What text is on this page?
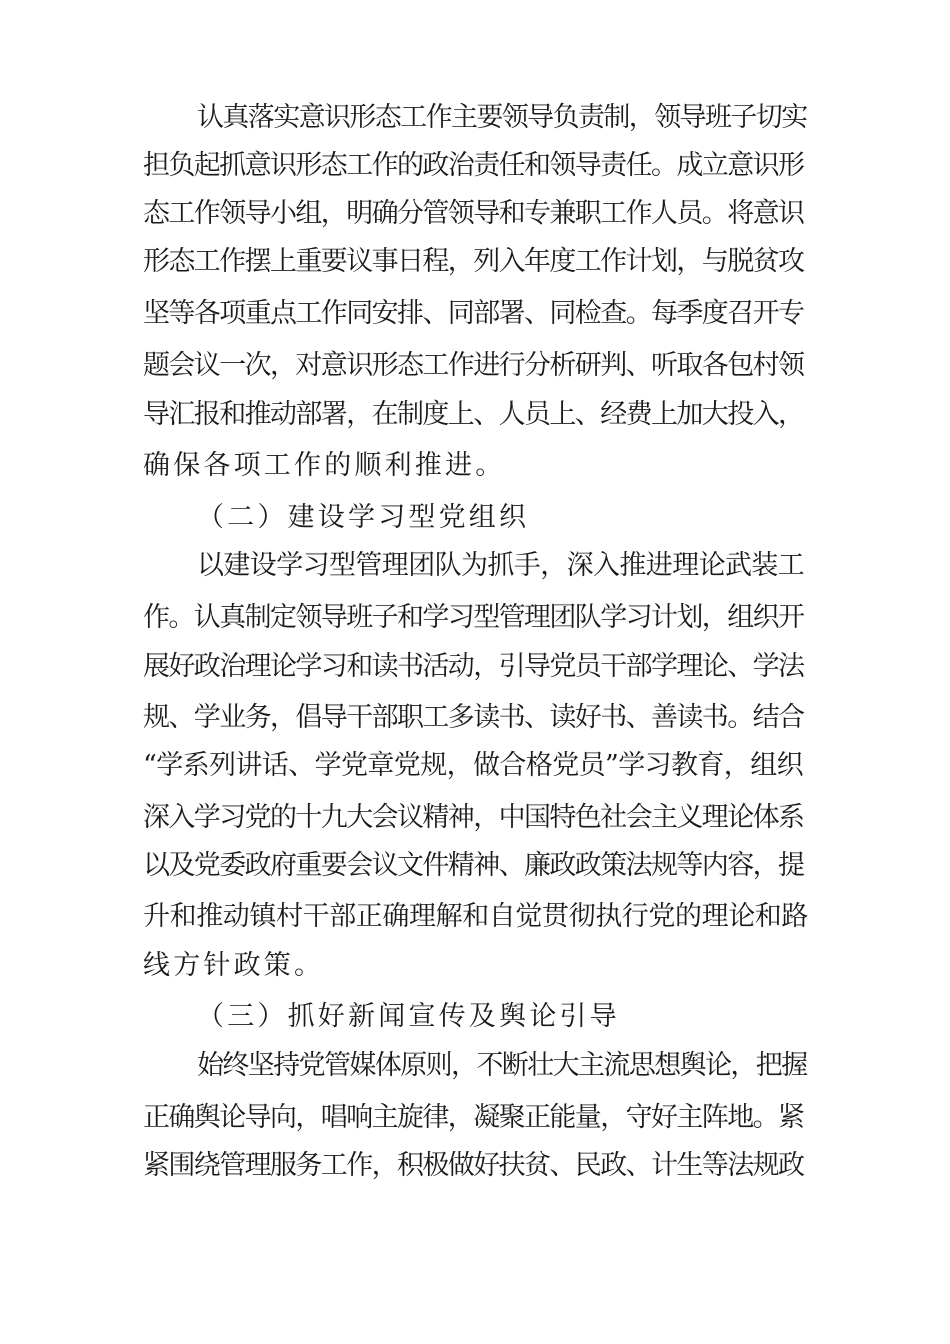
认真落实意识形态工作主要领导负责制，领导班子切实
担负起抓意识形态工作的政治责任和领导责任。成立意识形
态工作领导小组，明确分管领导和专兼职工作人员。将意识
形态工作摆上重要议事日程，列入年度工作计划，与脱贫攻
坚等各项重点工作同安排、同部署、同检查。每季度召开专
题会议一次，对意识形态工作进行分析研判、听取各包村领
导汇报和推动部署，在制度上、人员上、经费上加大投入，
确保各项工作的顺利推进。
（二）建设学习型党组织
以建设学习型管理团队为抓手，深入推进理论武装工
作。认真制定领导班子和学习型管理团队学习计划，组织开
展好政治理论学习和读书活动，引导党员干部学理论、学法
规、学业务，倡导干部职工多读书、读好书、善读书。结合
“学系列讲话、学党章党规，做合格党员”学习教育，组织
深入学习党的十九大会议精神，中国特色社会主义理论体系
以及党委政府重要会议文件精神、廉政政策法规等内容，提
升和推动镇村干部正确理解和自觉贯彻执行党的理论和路
线方针政策。
（三）抓好新闻宣传及舆论引导
始终坚持党管媒体原则，不断壮大主流思想舆论，把握
正确舆论导向，唱响主旋律，凝聚正能量，守好主阵地。紧
紧围绕管理服务工作，积极做好扶贫、民政、计生等法规政
